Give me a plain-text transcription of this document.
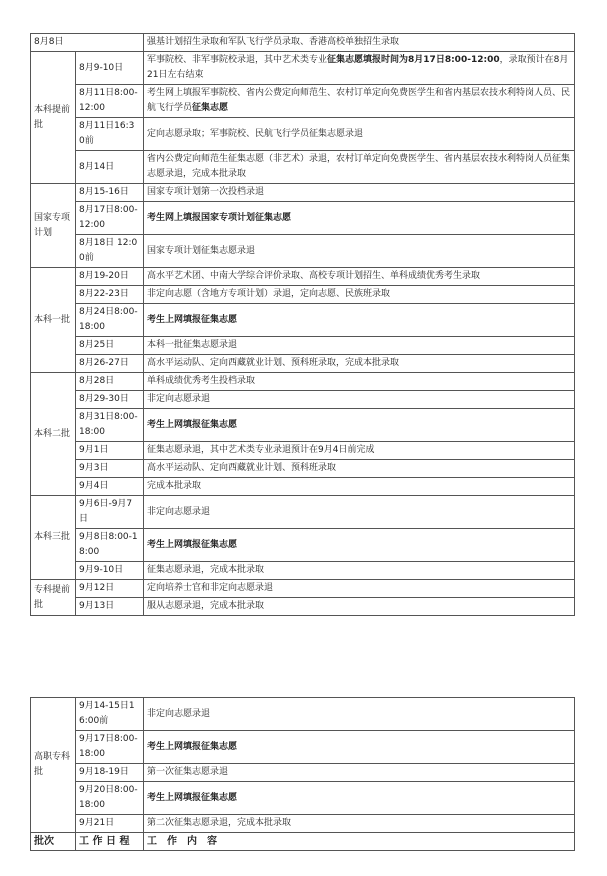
8月8日		强基计划招生录取和军队飞行学员录取、香港高校单独招生录取
本科提前批	8月9-10日	军事院校、非军事院校录退，其中艺术类专业征集志愿填报时间为8月17日8:00-12:00，录取预计在8月21日左右结束
	8月11日8:00-12:00	考生网上填报军事院校、省内公费定向师范生、农村订单定向免费医学生和省内基层农技水利特岗人员、民航飞行学员征集志愿
	8月11日16:30前	定向志愿录取；军事院校、民航飞行学员征集志愿录退
	8月14日	省内公费定向师范生征集志愿（非艺术）录退，农村订单定向免费医学生、省内基层农技水利特岗人员征集志愿录退，完成本批录取
国家专项计划	8月15-16日	国家专项计划第一次投档录退
	8月17日8:00-12:00	考生网上填报国家专项计划征集志愿
	8月18日 12:00前	国家专项计划征集志愿录退
本科一批	8月19-20日	高水平艺术团、中南大学综合评价录取、高校专项计划招生、单科成绩优秀考生录取
	8月22-23日	非定向志愿（含地方专项计划）录退，定向志愿、民族班录取
	8月24日8:00-18:00	考生上网填报征集志愿
	8月25日	本科一批征集志愿录退
	8月26-27日	高水平运动队、定向西藏就业计划、预科班录取，完成本批录取
本科二批	8月28日	单科成绩优秀考生投档录取
	8月29-30日	非定向志愿录退
	8月31日8:00-18:00	考生上网填报征集志愿
	9月1日	征集志愿录退，其中艺术类专业录退预计在9月4日前完成
	9月3日	高水平运动队、定向西藏就业计划、预科班录取
	9月4日	完成本批录取
本科三批	9月6日-9月7日	非定向志愿录退
	9月8日8:00-18:00	考生上网填报征集志愿
	9月9-10日	征集志愿录退，完成本批录取
专科提前批	9月12日	定向培养士官和非定向志愿录退
	9月13日	服从志愿录退，完成本批录取
高职专科批	9月14-15日16:00前	非定向志愿录退
	9月17日8:00-18:00	考生上网填报征集志愿
	9月18-19日	第一次征集志愿录退
	9月20日8:00-18:00	考生上网填报征集志愿
	9月21日	第二次征集志愿录退，完成本批录取
批次	工 作 日 程	工　作　内　容
